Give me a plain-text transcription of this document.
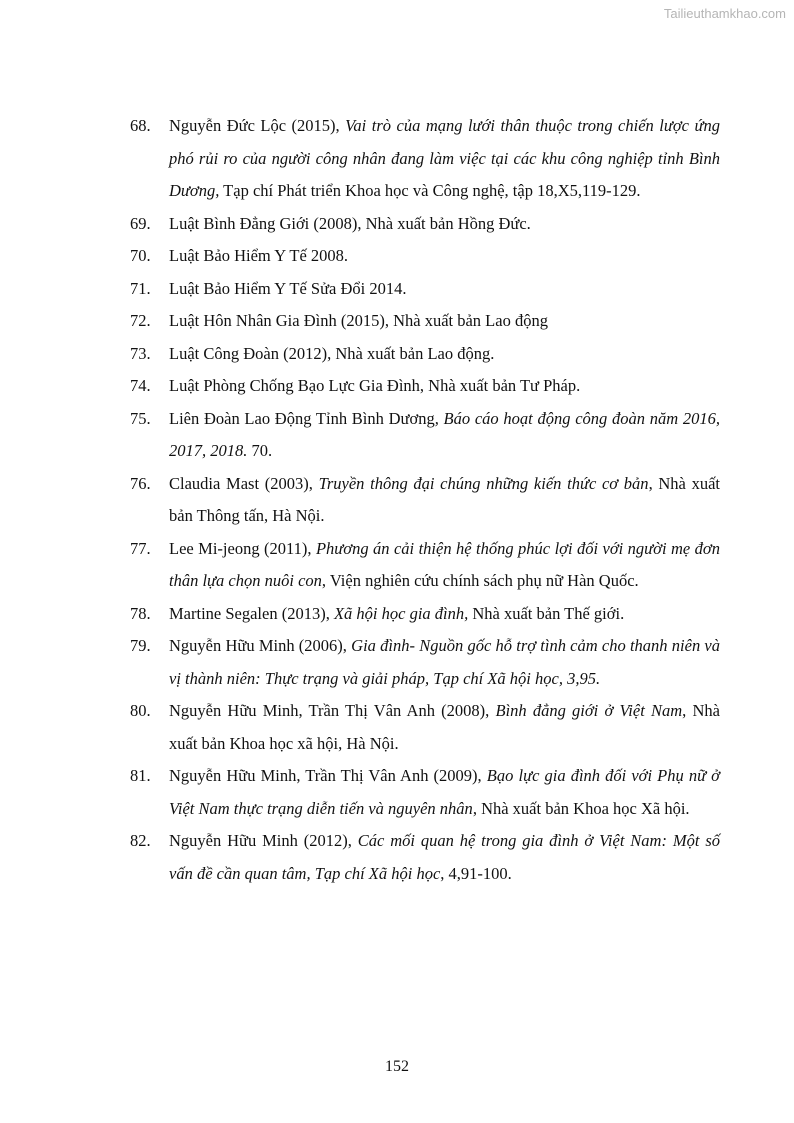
Tailieuthamkhao.com
68. Nguyễn Đức Lộc (2015), Vai trò của mạng lưới thân thuộc trong chiến lược ứng phó rủi ro của người công nhân đang làm việc tại các khu công nghiệp tỉnh Bình Dương, Tạp chí Phát triển Khoa học và Công nghệ, tập 18,X5,119-129.
69. Luật Bình Đẳng Giới (2008), Nhà xuất bản Hồng Đức.
70. Luật Bảo Hiểm Y Tế 2008.
71. Luật Bảo Hiểm Y Tế Sửa Đổi 2014.
72. Luật Hôn Nhân Gia Đình (2015), Nhà xuất bản Lao động
73. Luật Công Đoàn (2012), Nhà xuất bản Lao động.
74. Luật Phòng Chống Bạo Lực Gia Đình, Nhà xuất bản Tư Pháp.
75. Liên Đoàn Lao Động Tỉnh Bình Dương, Báo cáo hoạt động công đoàn năm 2016, 2017, 2018. 70.
76. Claudia Mast (2003), Truyền thông đại chúng những kiến thức cơ bản, Nhà xuất bản Thông tấn, Hà Nội.
77. Lee Mi-jeong (2011), Phương án cải thiện hệ thống phúc lợi đối với người mẹ đơn thân lựa chọn nuôi con, Viện nghiên cứu chính sách phụ nữ Hàn Quốc.
78. Martine Segalen (2013), Xã hội học gia đình, Nhà xuất bản Thế giới.
79. Nguyễn Hữu Minh (2006), Gia đình- Nguồn gốc hỗ trợ tình cảm cho thanh niên và vị thành niên: Thực trạng và giải pháp, Tạp chí Xã hội học, 3,95.
80. Nguyễn Hữu Minh, Trần Thị Vân Anh (2008), Bình đẳng giới ở Việt Nam, Nhà xuất bản Khoa học xã hội, Hà Nội.
81. Nguyễn Hữu Minh, Trần Thị Vân Anh (2009), Bạo lực gia đình đối với Phụ nữ ở Việt Nam thực trạng diễn tiến và nguyên nhân, Nhà xuất bản Khoa học Xã hội.
82. Nguyễn Hữu Minh (2012), Các mối quan hệ trong gia đình ở Việt Nam: Một số vấn đề cần quan tâm, Tạp chí Xã hội học, 4,91-100.
152
